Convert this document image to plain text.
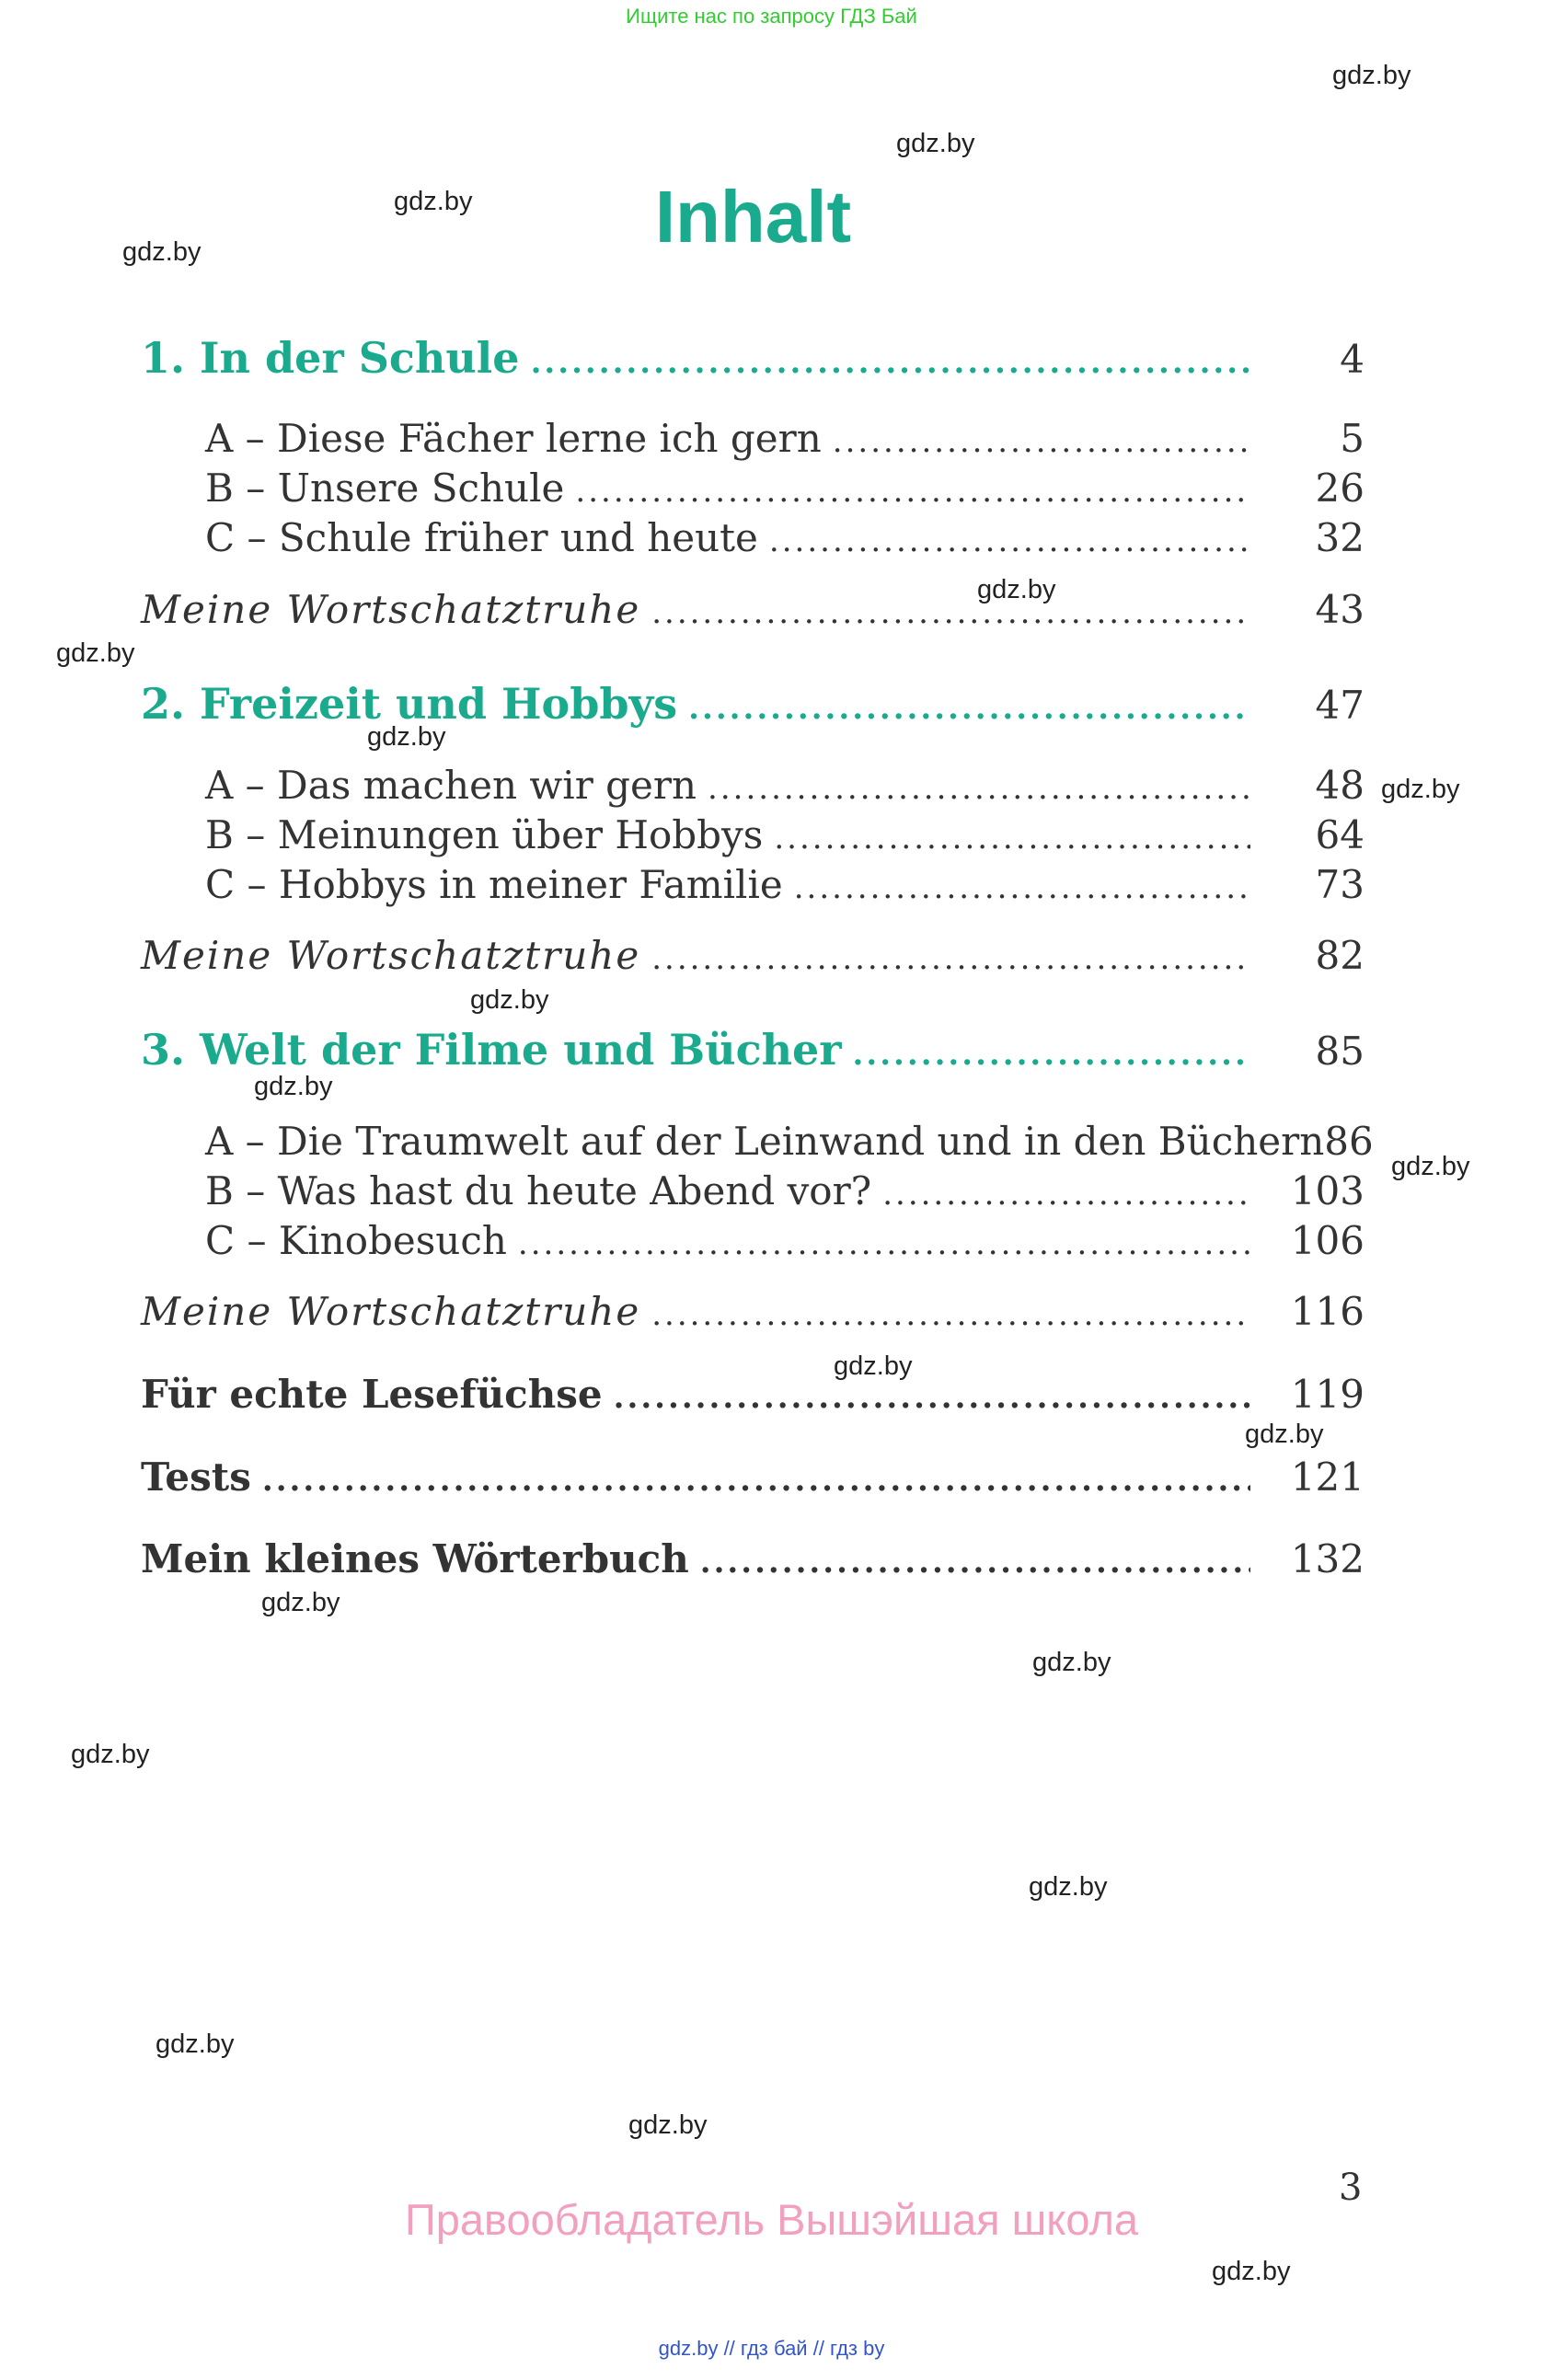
Ищите нас по запросу ГДЗ Бай
Inhalt
1. In der Schule .....	4
A – Diese Fächer lerne ich gern .....	5
B – Unsere Schule .....	26
C – Schule früher und heute .....	32
Meine Wortschatztruhe .....	43
2. Freizeit und Hobbys .....	47
A – Das machen wir gern .....	48
B – Meinungen über Hobbys .....	64
C – Hobbys in meiner Familie .....	73
Meine Wortschatztruhe .....	82
3. Welt der Filme und Bücher .....	85
A – Die Traumwelt auf der Leinwand und in den Büchern 86
B – Was hast du heute Abend vor? .....	103
C – Kinobesuch .....	106
Meine Wortschatztruhe .....	116
Für echte Lesefüchse .....	119
Tests .....	121
Mein kleines Wörterbuch .....	132
gdz.by
gdz.by
gdz.by
gdz.by
gdz.by
gdz.by
gdz.by
gdz.by
gdz.by
gdz.by
gdz.by
gdz.by
gdz.by
gdz.by
gdz.by
gdz.by
gdz.by
gdz.by
gdz.by
gdz.by
3
Правообладатель Вышэйшая школа
gdz.by // гдз бай // гдз by
